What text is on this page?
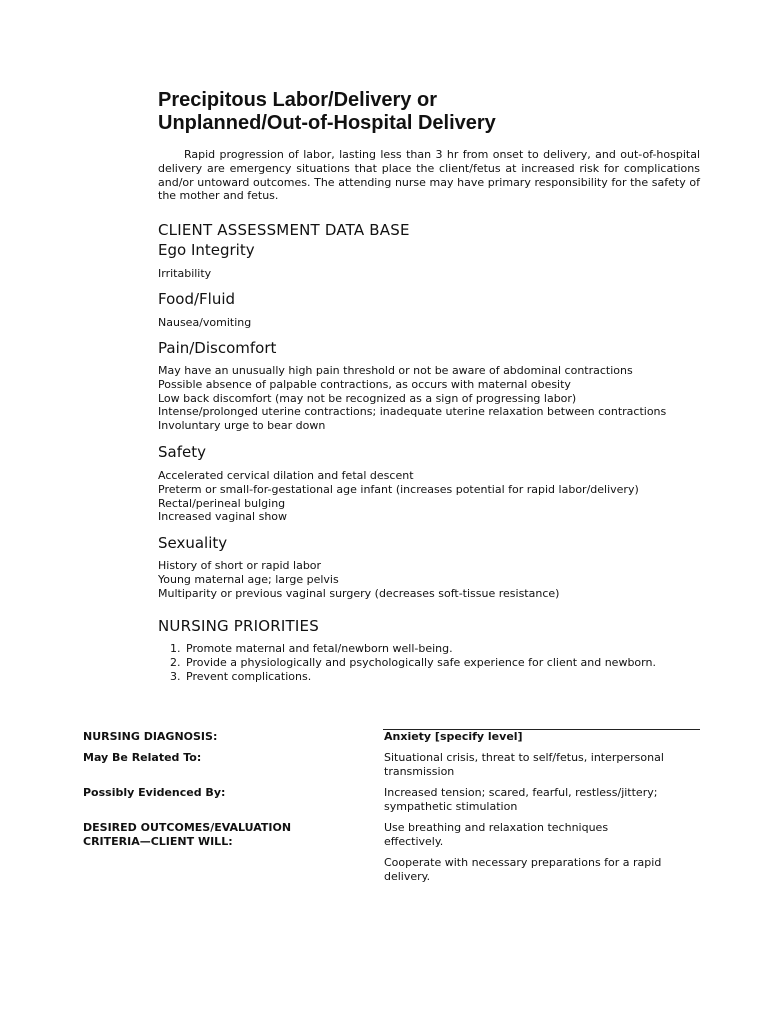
Precipitous Labor/Delivery or
Unplanned/Out-of-Hospital Delivery

Rapid progression of labor, lasting less than 3 hr from onset to delivery, and out-of-hospital delivery are emergency situations that place the client/fetus at increased risk for complications and/or untoward outcomes. The attending nurse may have primary responsibility for the safety of the mother and fetus.

CLIENT ASSESSMENT DATA BASE
Ego Integrity
Irritability
Food/Fluid
Nausea/vomiting
Pain/Discomfort
May have an unusually high pain threshold or not be aware of abdominal contractions
Possible absence of palpable contractions, as occurs with maternal obesity
Low back discomfort (may not be recognized as a sign of progressing labor)
Intense/prolonged uterine contractions; inadequate uterine relaxation between contractions
Involuntary urge to bear down
Safety
Accelerated cervical dilation and fetal descent
Preterm or small-for-gestational age infant (increases potential for rapid labor/delivery)
Rectal/perineal bulging
Increased vaginal show
Sexuality
History of short or rapid labor
Young maternal age; large pelvis
Multiparity or previous vaginal surgery (decreases soft-tissue resistance)
NURSING PRIORITIES
1. Promote maternal and fetal/newborn well-being.
2. Provide a physiologically and psychologically safe experience for client and newborn.
3. Prevent complications.
NURSING DIAGNOSIS:	Anxiety [specify level]
May Be Related To:	Situational crisis, threat to self/fetus, interpersonal
transmission
Possibly Evidenced By:	Increased tension; scared, fearful, restless/jittery;
sympathetic stimulation
DESIRED OUTCOMES/EVALUATION
CRITERIA—CLIENT WILL:
Use breathing and relaxation techniques
effectively.
Cooperate with necessary preparations for a rapid
delivery.
